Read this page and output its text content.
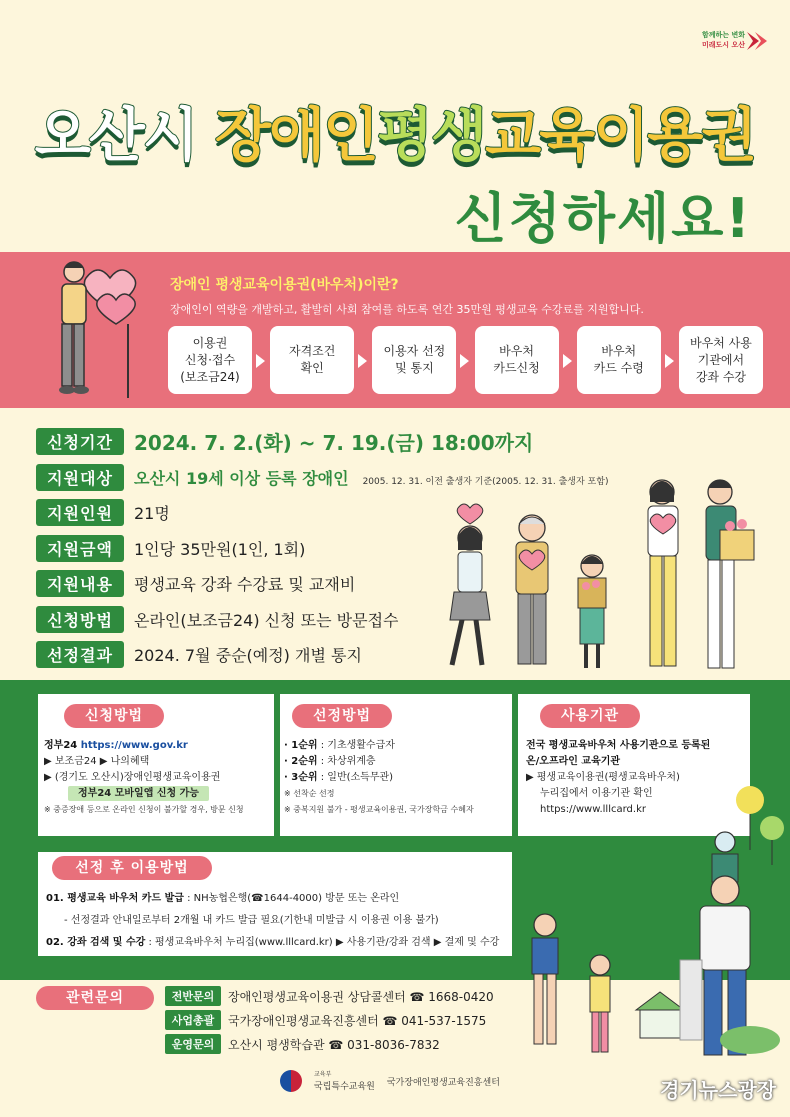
함께하는 변화
미래도시 오산
오산시 장애인평생교육이용권
신청하세요!
장애인 평생교육이용권(바우처)이란?
장애인이 역량을 개발하고, 활발히 사회 참여를 하도록 연간 35만원 평생교육 수강료를 지원합니다.
이용권
신청·접수
(보조금24)
자격조건
확인
이용자 선정
및 통지
바우처
카드신청
바우처
카드 수령
바우처 사용
기관에서
강좌 수강
신청기간	2024. 7. 2.(화) ~ 7. 19.(금) 18:00까지
지원대상	오산시 19세 이상 등록 장애인 2005. 12. 31. 이전 출생자 기준(2005. 12. 31. 출생자 포함)
지원인원	21명
지원금액	1인당 35만원(1인, 1회)
지원내용	평생교육 강좌 수강료 및 교재비
신청방법	온라인(보조금24) 신청 또는 방문접수
선정결과	2024. 7월 중순(예정) 개별 통지
신청방법
정부24 https://www.gov.kr
▶ 보조금24 ▶ 나의혜택
▶ (경기도 오산시)장애인평생교육이용권
정부24 모바일앱 신청 가능
※ 중증장애 등으로 온라인 신청이 불가할 경우, 방문 신청
선정방법
· 1순위 : 기초생활수급자
· 2순위 : 차상위계층
· 3순위 : 일반(소득무관)
※ 선착순 선정
※ 중복지원 불가 - 평생교육이용권, 국가장학금 수혜자
사용기관
전국 평생교육바우처 사용기관으로 등록된
온/오프라인 교육기관
▶ 평생교육이용권(평생교육바우처)
누리집에서 이용기관 확인
https://www.lllcard.kr
선정 후 이용방법
01. 평생교육 바우처 카드 발급 : NH농협은행(☎1644-4000) 방문 또는 온라인
- 선정결과 안내일로부터 2개월 내 카드 발급 필요(기한내 미발급 시 이용권 이용 불가)
02. 강좌 검색 및 수강 : 평생교육바우처 누리집(www.lllcard.kr) ▶ 사용기관/강좌 검색 ▶ 결제 및 수강
관련문의	전반문의	장애인평생교육이용권 상담콜센터 ☎ 1668-0420
사업총괄	국가장애인평생교육진흥센터 ☎ 041-537-1575
운영문의	오산시 평생학습관 ☎ 031-8036-7832
교육부
국립특수교육원 국가장애인평생교육진흥센터	경기뉴스광장
